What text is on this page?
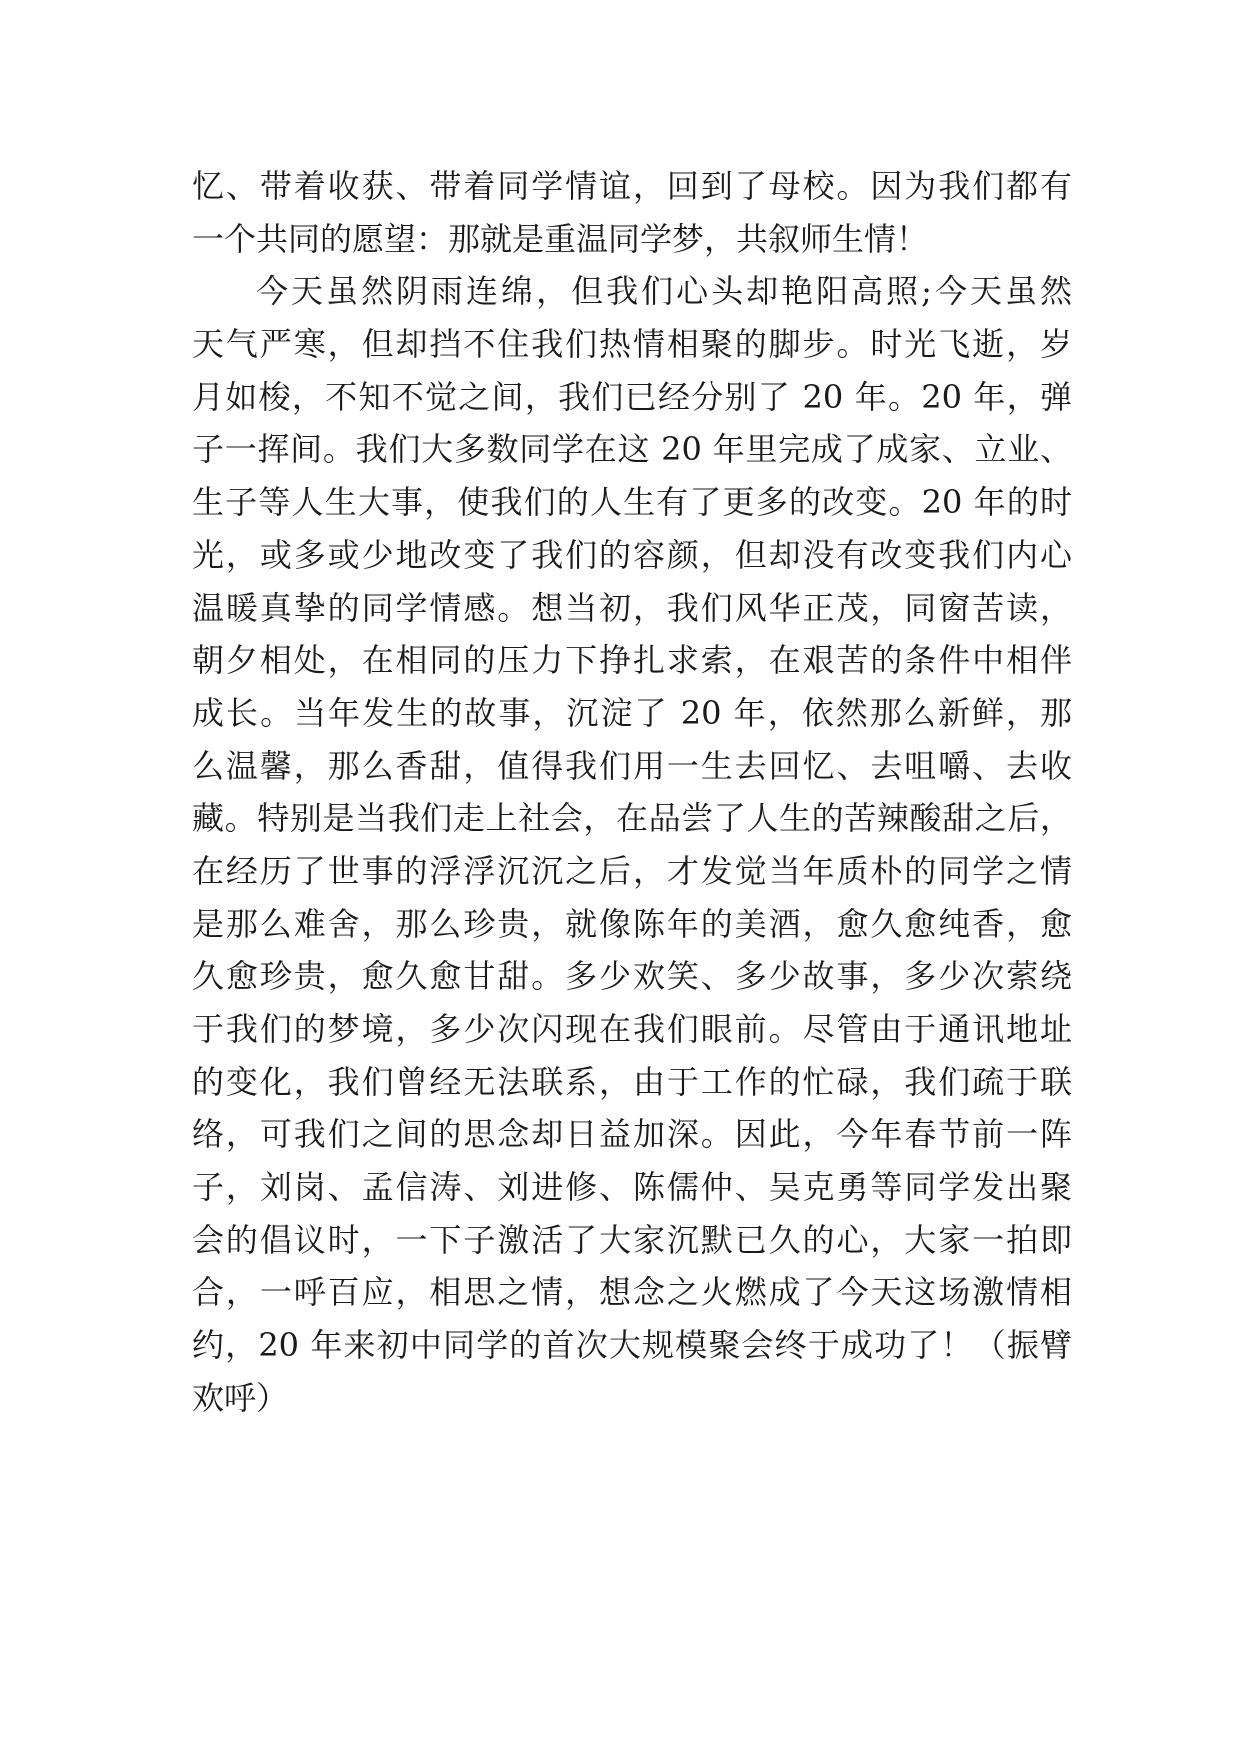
忆、带着收获、带着同学情谊，回到了母校。因为我们都有
一个共同的愿望：那就是重温同学梦，共叙师生情！
今天虽然阴雨连绵，但我们心头却艳阳高照;今天虽然
天气严寒，但却挡不住我们热情相聚的脚步。时光飞逝，岁
月如梭，不知不觉之间，我们已经分别了 20 年。20 年，弹
子一挥间。我们大多数同学在这 20 年里完成了成家、立业、
生子等人生大事，使我们的人生有了更多的改变。20 年的时
光，或多或少地改变了我们的容颜，但却没有改变我们内心
温暖真挚的同学情感。想当初，我们风华正茂，同窗苦读，
朝夕相处，在相同的压力下挣扎求索，在艰苦的条件中相伴
成长。当年发生的故事，沉淀了 20 年，依然那么新鲜，那
么温馨，那么香甜，值得我们用一生去回忆、去咀嚼、去收
藏。特别是当我们走上社会，在品尝了人生的苦辣酸甜之后，
在经历了世事的浮浮沉沉之后，才发觉当年质朴的同学之情
是那么难舍，那么珍贵，就像陈年的美酒，愈久愈纯香，愈
久愈珍贵，愈久愈甘甜。多少欢笑、多少故事，多少次萦绕
于我们的梦境，多少次闪现在我们眼前。尽管由于通讯地址
的变化，我们曾经无法联系，由于工作的忙碌，我们疏于联
络，可我们之间的思念却日益加深。因此，今年春节前一阵
子，刘岗、孟信涛、刘进修、陈儒仲、吴克勇等同学发出聚
会的倡议时，一下子激活了大家沉默已久的心，大家一拍即
合，一呼百应，相思之情，想念之火燃成了今天这场激情相
约，20 年来初中同学的首次大规模聚会终于成功了！（振臂
欢呼）
